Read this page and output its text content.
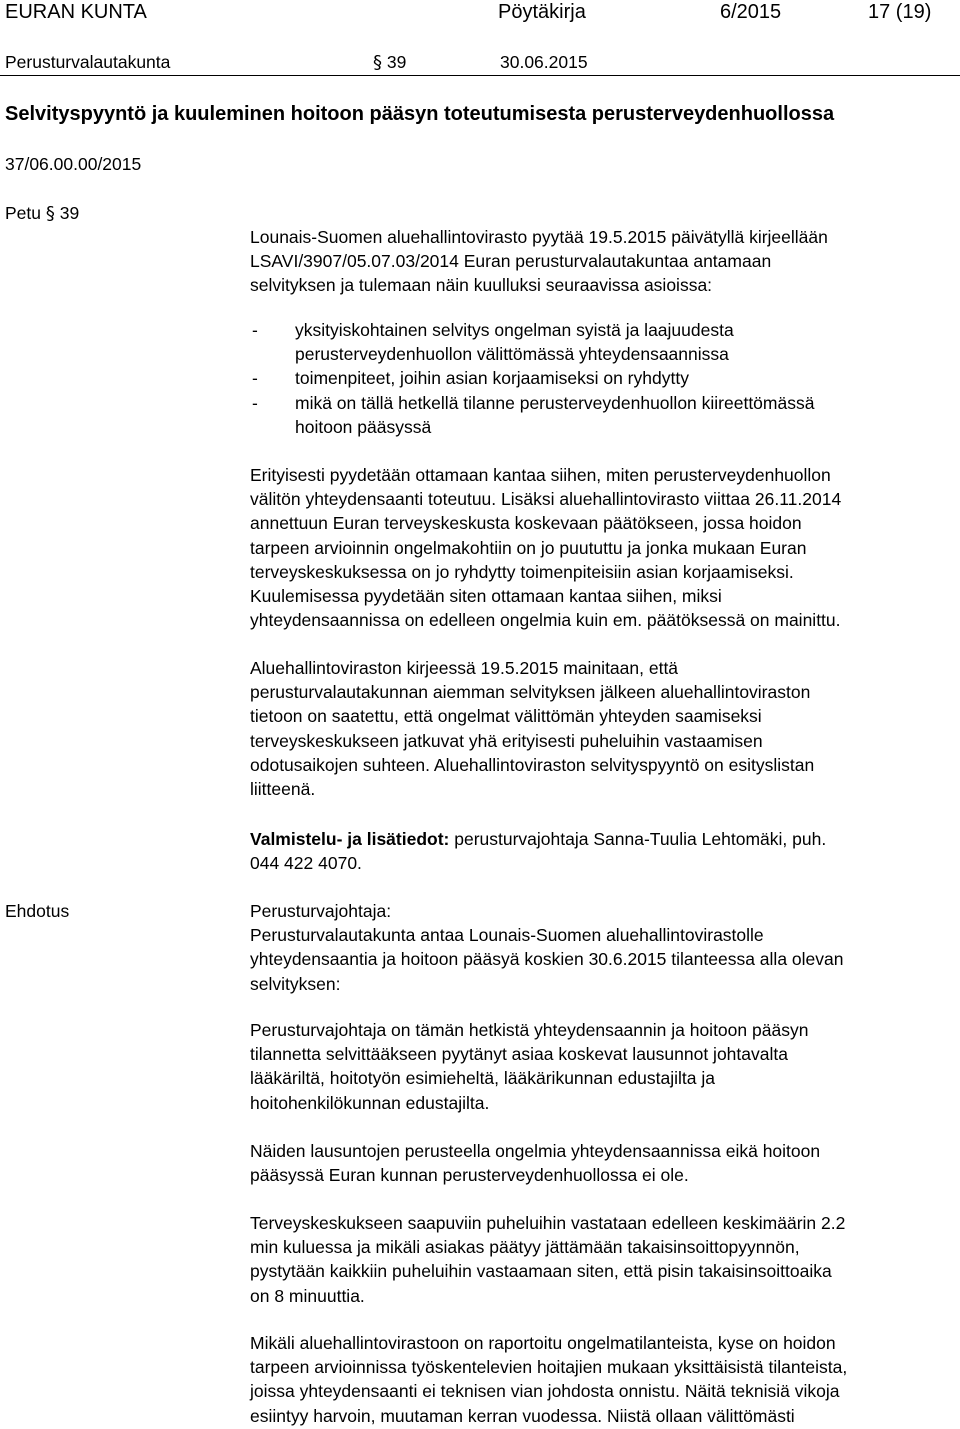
EURAN KUNTA	Pöytäkirja	6/2015	17 (19)
Perusturvalautakunta	§ 39	30.06.2015
Selvityspyyntö ja kuuleminen hoitoon pääsyn toteutumisesta perusterveydenhuollossa
37/06.00.00/2015
Petu § 39

Lounais-Suomen aluehallintovirasto pyytää 19.5.2015 päivätyllä kirjeellään

LSAVI/3907/05.07.03/2014 Euran perusturvalautakuntaa antamaan

selvityksen ja tulemaan näin kuulluksi seuraavissa asioissa:

- yksityiskohtainen selvitys ongelman syistä ja laajuudesta
perusterveydenhuollon välittömässä yhteydensaannissa
- toimenpiteet, joihin asian korjaamiseksi on ryhdytty
- mikä on tällä hetkellä tilanne perusterveydenhuollon kiireettömässä
hoitoon pääsyssä

Erityisesti pyydetään ottamaan kantaa siihen, miten perusterveydenhuollon

välitön yhteydensaanti toteutuu. Lisäksi aluehallintovirasto viittaa 26.11.2014

annettuun Euran terveyskeskusta koskevaan päätökseen, jossa hoidon

tarpeen arvioinnin ongelmakohtiin on jo puututtu ja jonka mukaan Euran

terveyskeskuksessa on jo ryhdytty toimenpiteisiin asian korjaamiseksi.

Kuulemisessa pyydetään siten ottamaan kantaa siihen, miksi

yhteydensaannissa on edelleen ongelmia kuin em. päätöksessä on mainittu.

Aluehallintoviraston kirjeessä 19.5.2015 mainitaan, että

perusturvalautakunnan aiemman selvityksen jälkeen aluehallintoviraston

tietoon on saatettu, että ongelmat välittömän yhteyden saamiseksi

terveyskeskukseen jatkuvat yhä erityisesti puheluihin vastaamisen

odotusaikojen suhteen. Aluehallintoviraston selvityspyyntö on esityslistan

liitteenä.

Valmistelu- ja lisätiedot: perusturvajohtaja Sanna-Tuulia Lehtomäki, puh.

044 422 4070.

Ehdotus	Perusturvajohtaja:

Perusturvalautakunta antaa Lounais-Suomen aluehallintovirastolle

yhteydensaantia ja hoitoon pääsyä koskien 30.6.2015 tilanteessa alla olevan

selvityksen:

Perusturvajohtaja on tämän hetkistä yhteydensaannin ja hoitoon pääsyn

tilannetta selvittääkseen pyytänyt asiaa koskevat lausunnot johtavalta

lääkäriltä, hoitotyön esimieheltä, lääkärikunnan edustajilta ja

hoitohenkilökunnan edustajilta.

Näiden lausuntojen perusteella ongelmia yhteydensaannissa eikä hoitoon

pääsyssä Euran kunnan perusterveydenhuollossa ei ole.

Terveyskeskukseen saapuviin puheluihin vastataan edelleen keskimäärin 2.2

min kuluessa ja mikäli asiakas päätyy jättämään takaisinsoittopyynnön,

pystytään kaikkiin puheluihin vastaamaan siten, että pisin takaisinsoittoaika

on 8 minuuttia.

Mikäli aluehallintovirastoon on raportoitu ongelmatilanteista, kyse on hoidon

tarpeen arvioinnissa työskentelevien hoitajien mukaan yksittäisistä tilanteista,

joissa yhteydensaanti ei teknisen vian johdosta onnistu. Näitä teknisiä vikoja

esiintyy harvoin, muutaman kerran vuodessa. Niistä ollaan välittömästi
